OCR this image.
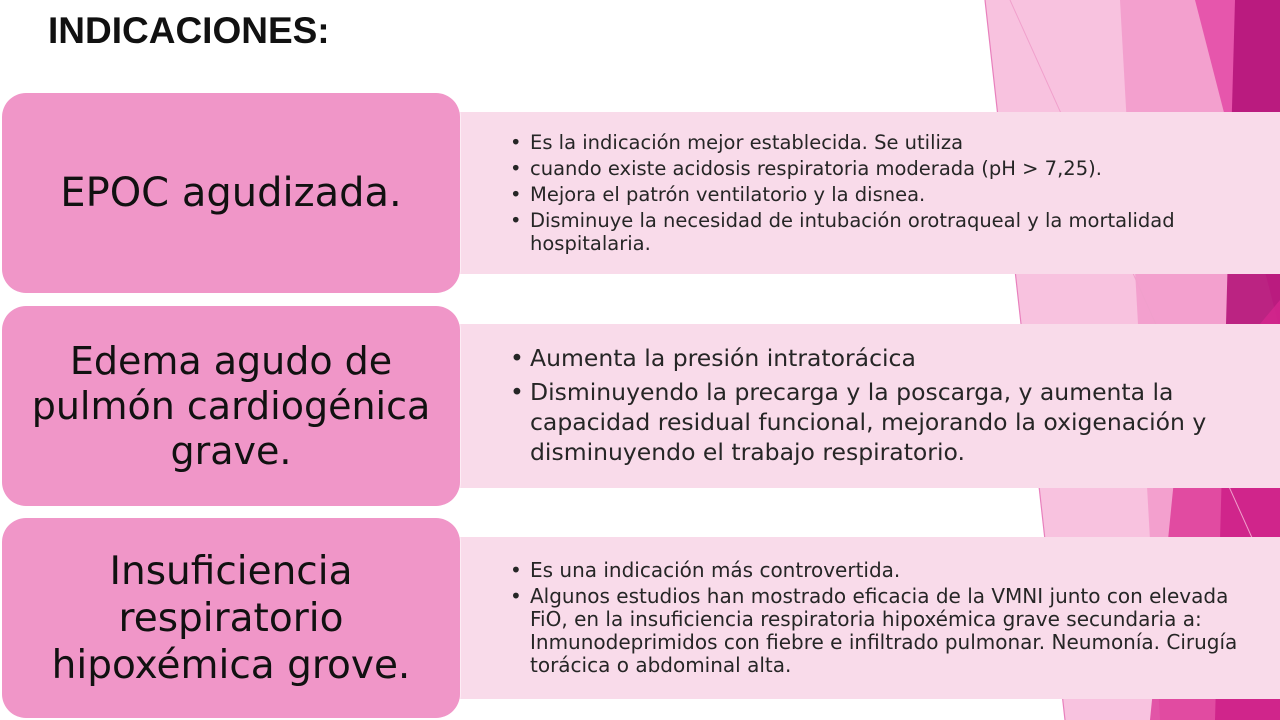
INDICACIONES:
• Es la indicación mejor establecida. Se utiliza
• cuando existe acidosis respiratoria moderada (pH > 7,25).
• Mejora el patrón ventilatorio y la disnea.
• Disminuye la necesidad de intubación orotraqueal y la mortalidad hospitalaria.
EPOC agudizada.
• Aumenta la presión intratorácica
• Disminuyendo la precarga y la poscarga, y aumenta la capacidad residual funcional, mejorando la oxigenación y disminuyendo el trabajo respiratorio.
Edema agudo de pulmón cardiogénica grave.
• Es una indicación más controvertida.
• Algunos estudios han mostrado eficacia de la VMNI junto con elevada FiO, en la insuficiencia respiratoria hipoxémica grave secundaria a: Inmunodeprimidos con fiebre e infiltrado pulmonar. Neumonía. Cirugía torácica o abdominal alta.
Insuficiencia respiratorio hipoxémica grove.
